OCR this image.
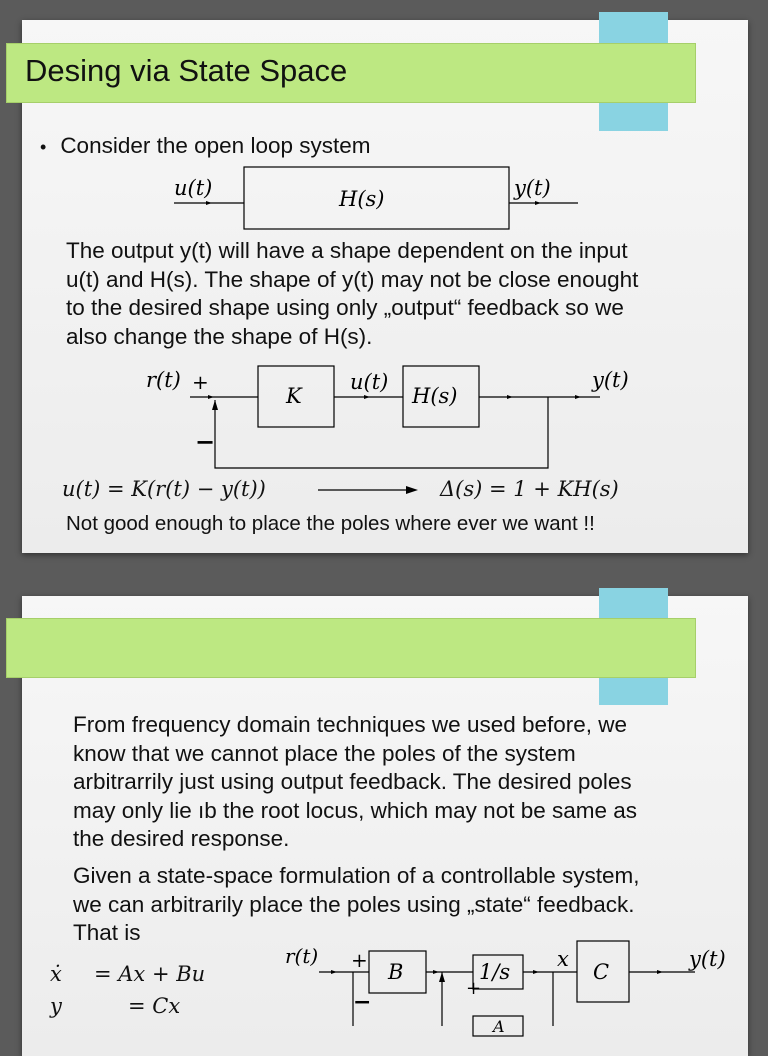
Desing via State Space
• Consider the open loop system
u(t)	H(s)	y(t)
The output y(t) will have a shape dependent on the input
u(t) and H(s). The shape of y(t) may not be close enought
to the desired shape using only „output“ feedback so we
also change the shape of H(s).
r(t) +
−
K
u(t)
H(s)
y(t)
u(t) = K(r(t) − y(t))	Δ(s) = 1 + KH(s)
Not good enough to place the poles where ever we want !!
From frequency domain techniques we used before, we
know that we cannot place the poles of the system
arbitrarrily just using output feedback. The desired poles
may only lie ıb the root locus, which may not be same as
the desired response.
Given a state-space formulation of a controllable system,
we can arbitrarily place the poles using „state“ feedback.
That is
ẋ = Ax + Bu
y	= Cx
r(t) +
−
B
+
1/s
x
C
y(t)
A
